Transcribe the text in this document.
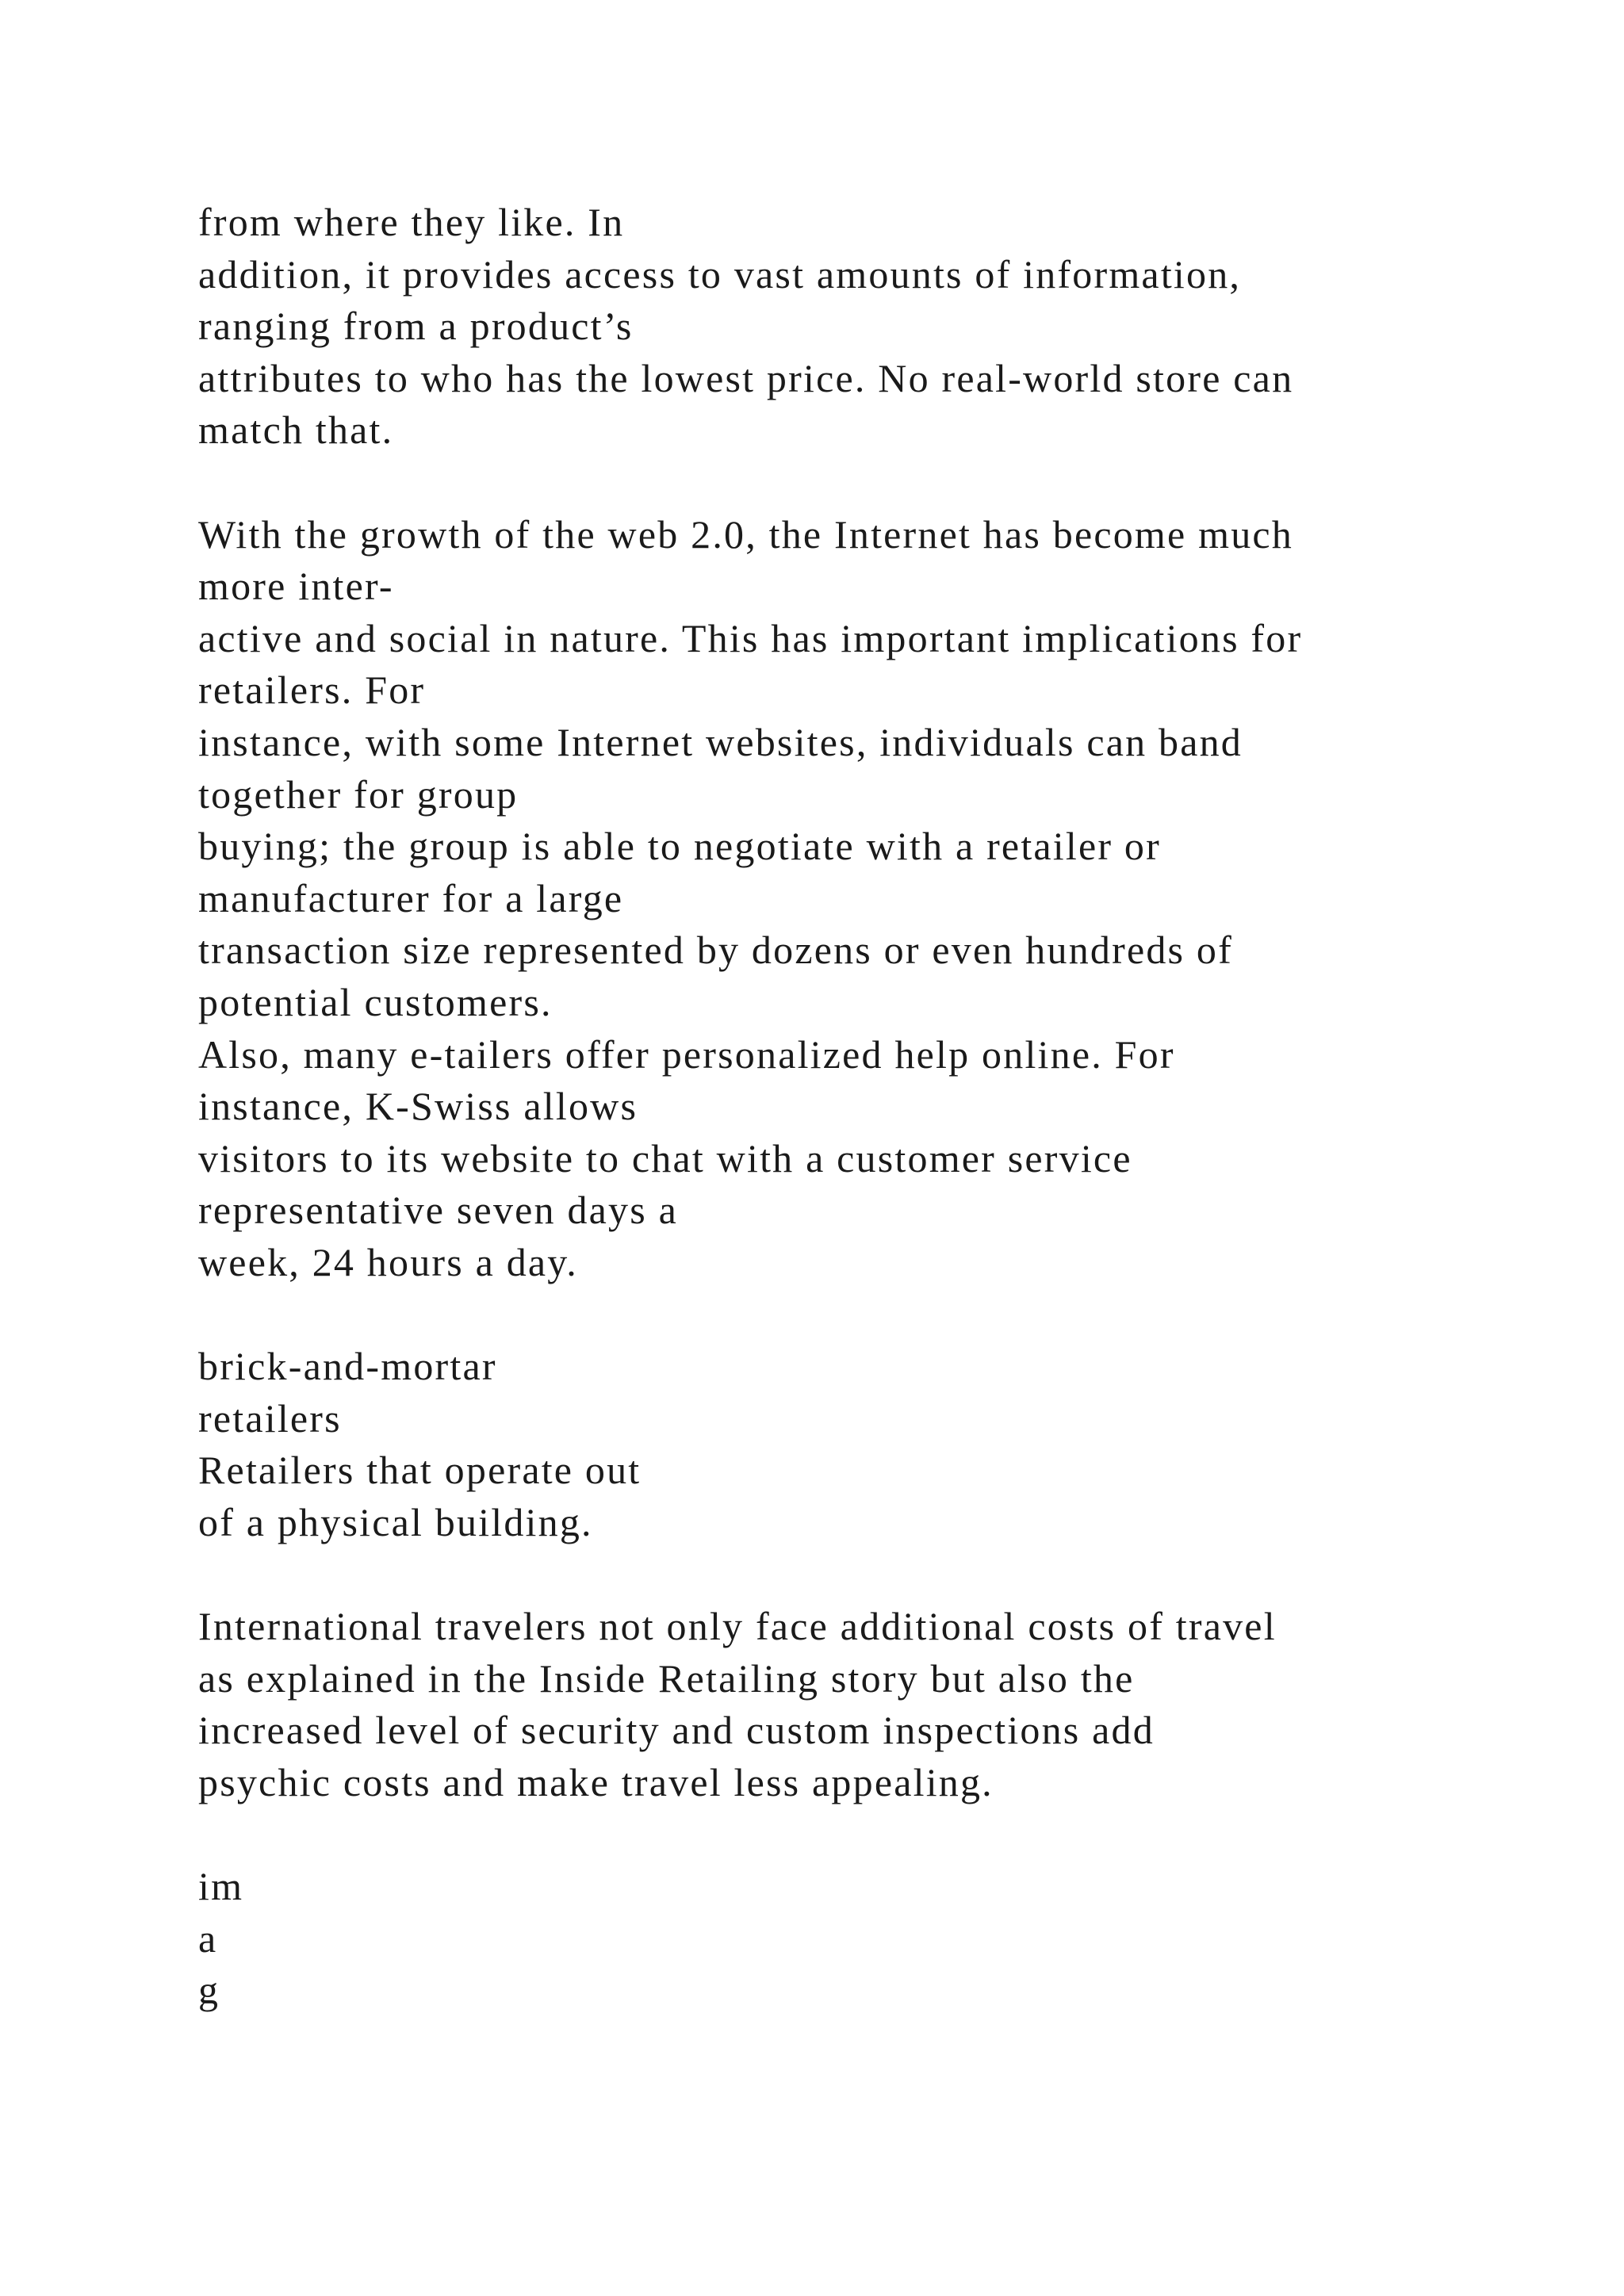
from where they like. In
addition, it provides access to vast amounts of information,
ranging from a product’s
attributes to who has the lowest price. No real-world store can
match that.
With the growth of the web 2.0, the Internet has become much
more inter-
active and social in nature. This has important implications for
retailers. For
instance, with some Internet websites, individuals can band
together for group
buying; the group is able to negotiate with a retailer or
manufacturer for a large
transaction size represented by dozens or even hundreds of
potential customers.
Also, many e-tailers offer personalized help online. For
instance, K-Swiss allows
visitors to its website to chat with a customer service
representative seven days a
week, 24 hours a day.
brick-and-mortar
retailers
Retailers that operate out
of a physical building.
International travelers not only face additional costs of travel
as explained in the Inside Retailing story but also the
increased level of security and custom inspections add
psychic costs and make travel less appealing.
im
a
g
